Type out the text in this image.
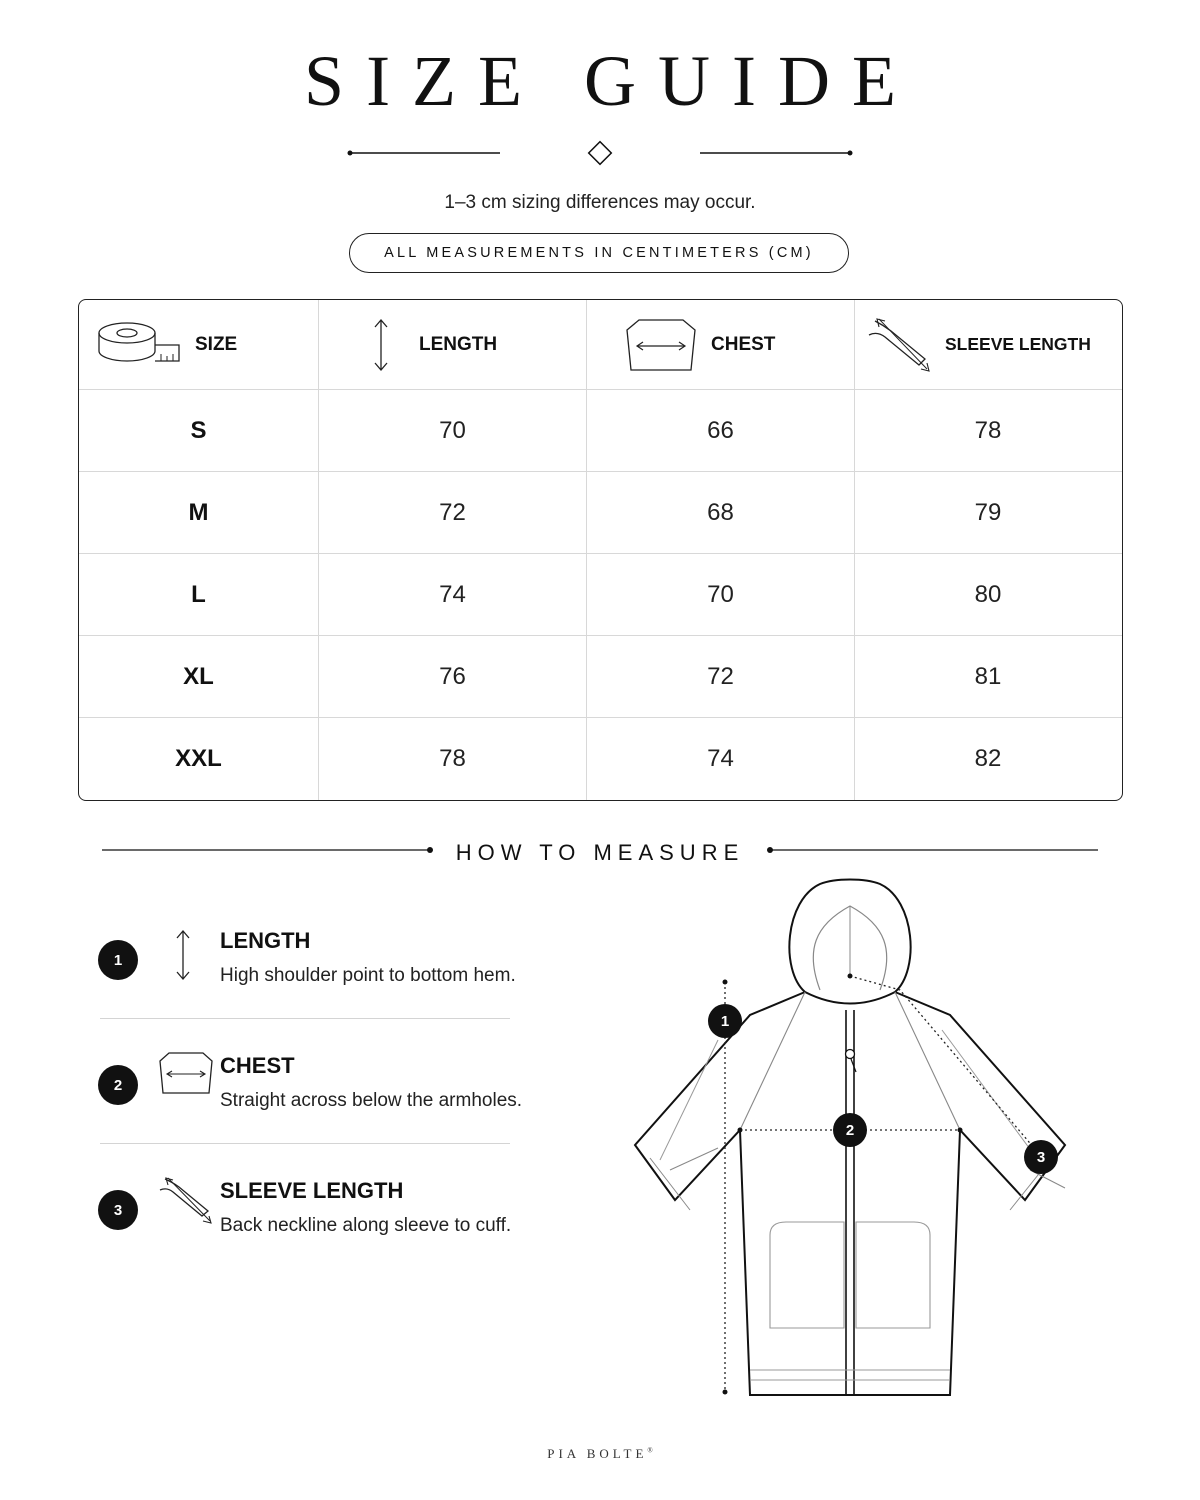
SIZE GUIDE
1–3 cm sizing differences may occur.
ALL MEASUREMENTS IN CENTIMETERS (CM)
SIZE	LENGTH	CHEST	SLEEVE LENGTH
S	70	66	78
M	72	68	79
L	74	70	80
XL	76	72	81
XXL	78	74	82
HOW TO MEASURE
1
LENGTH
High shoulder point to bottom hem.
2
CHEST
Straight across below the armholes.
3
SLEEVE LENGTH
Back neckline along sleeve to cuff.
1
2
3
PIA BOLTE®
